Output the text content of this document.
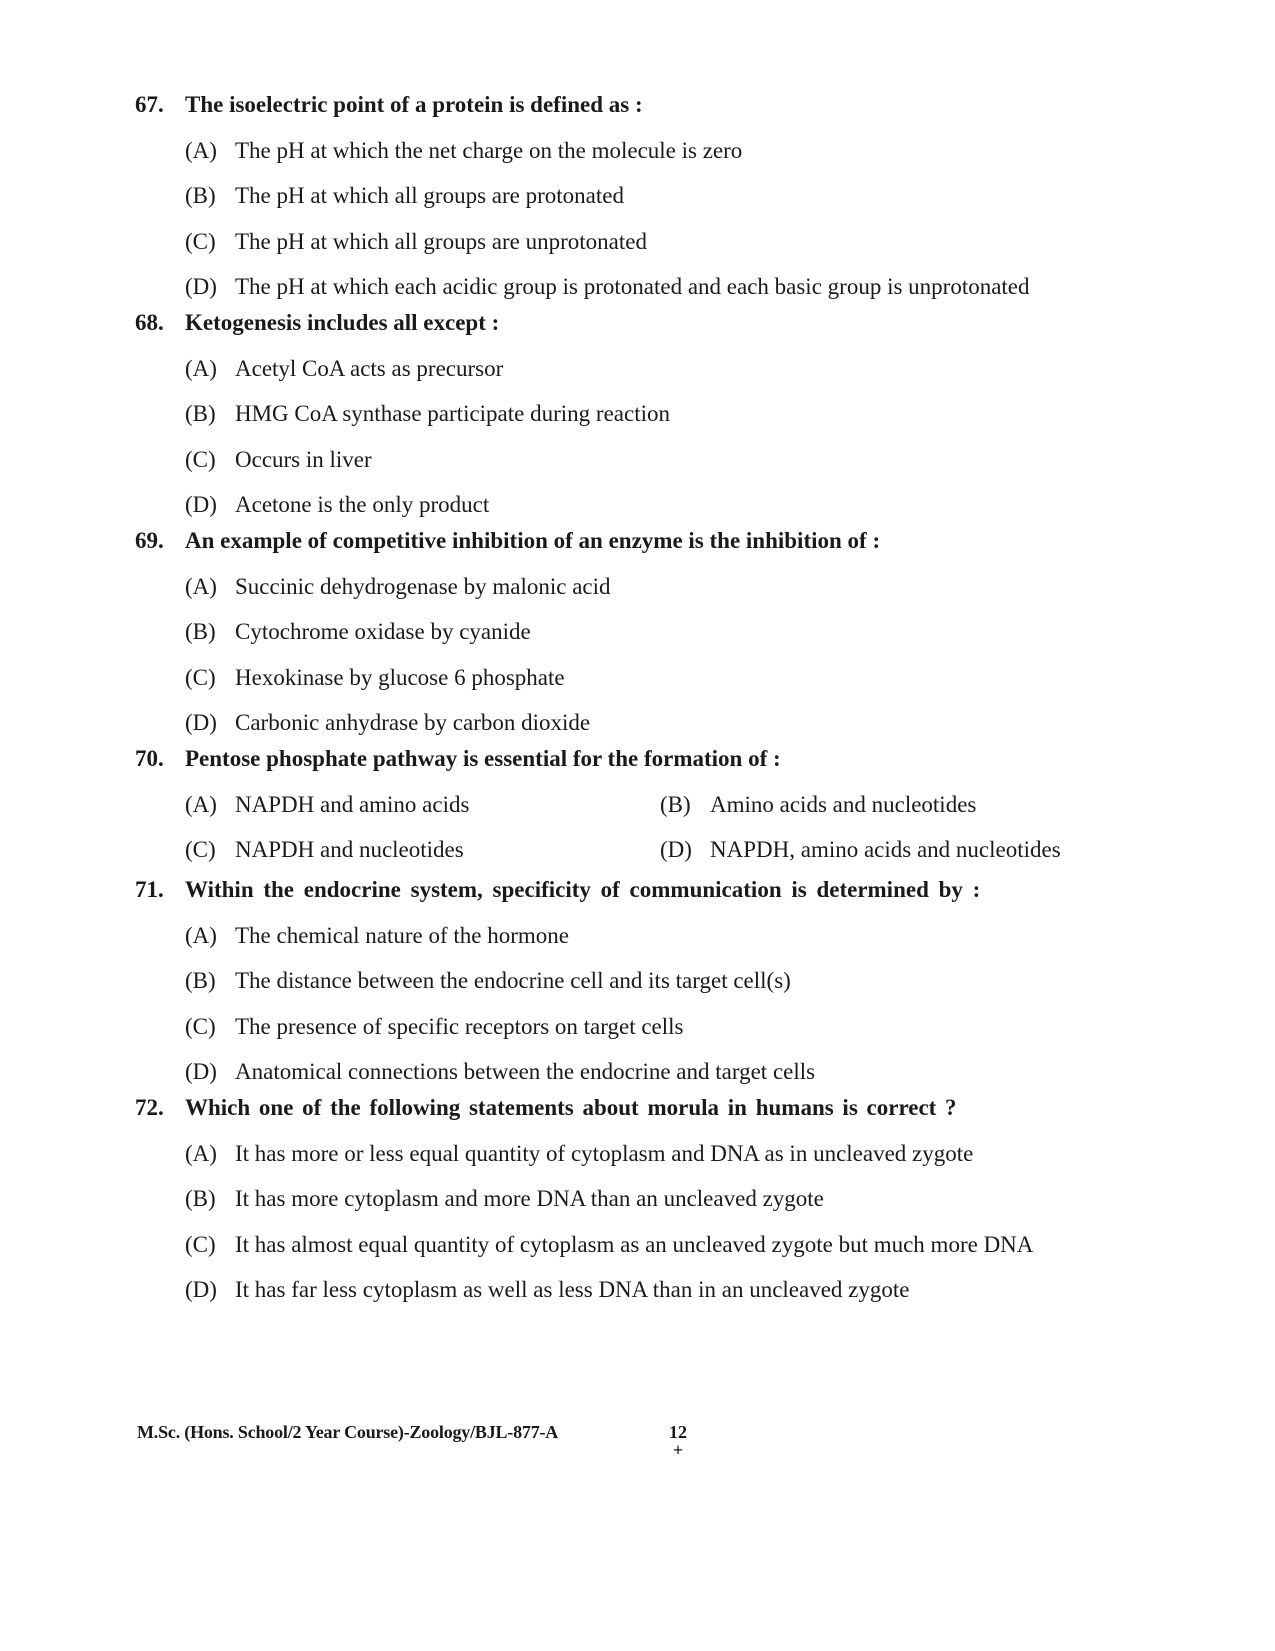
67. The isoelectric point of a protein is defined as :
(A) The pH at which the net charge on the molecule is zero
(B) The pH at which all groups are protonated
(C) The pH at which all groups are unprotonated
(D) The pH at which each acidic group is protonated and each basic group is unprotonated
68. Ketogenesis includes all except :
(A) Acetyl CoA acts as precursor
(B) HMG CoA synthase participate during reaction
(C) Occurs in liver
(D) Acetone is the only product
69. An example of competitive inhibition of an enzyme is the inhibition of :
(A) Succinic dehydrogenase by malonic acid
(B) Cytochrome oxidase by cyanide
(C) Hexokinase by glucose 6 phosphate
(D) Carbonic anhydrase by carbon dioxide
70. Pentose phosphate pathway is essential for the formation of :
(A) NAPDH and amino acids	(B) Amino acids and nucleotides
(C) NAPDH and nucleotides	(D) NAPDH, amino acids and nucleotides
71. Within the endocrine system, specificity of communication is determined by :
(A) The chemical nature of the hormone
(B) The distance between the endocrine cell and its target cell(s)
(C) The presence of specific receptors on target cells
(D) Anatomical connections between the endocrine and target cells
72. Which one of the following statements about morula in humans is correct ?
(A) It has more or less equal quantity of cytoplasm and DNA as in uncleaved zygote
(B) It has more cytoplasm and more DNA than an uncleaved zygote
(C) It has almost equal quantity of cytoplasm as an uncleaved zygote but much more DNA
(D) It has far less cytoplasm as well as less DNA than in an uncleaved zygote
M.Sc. (Hons. School/2 Year Course)-Zoology/BJL-877-A	12
+
